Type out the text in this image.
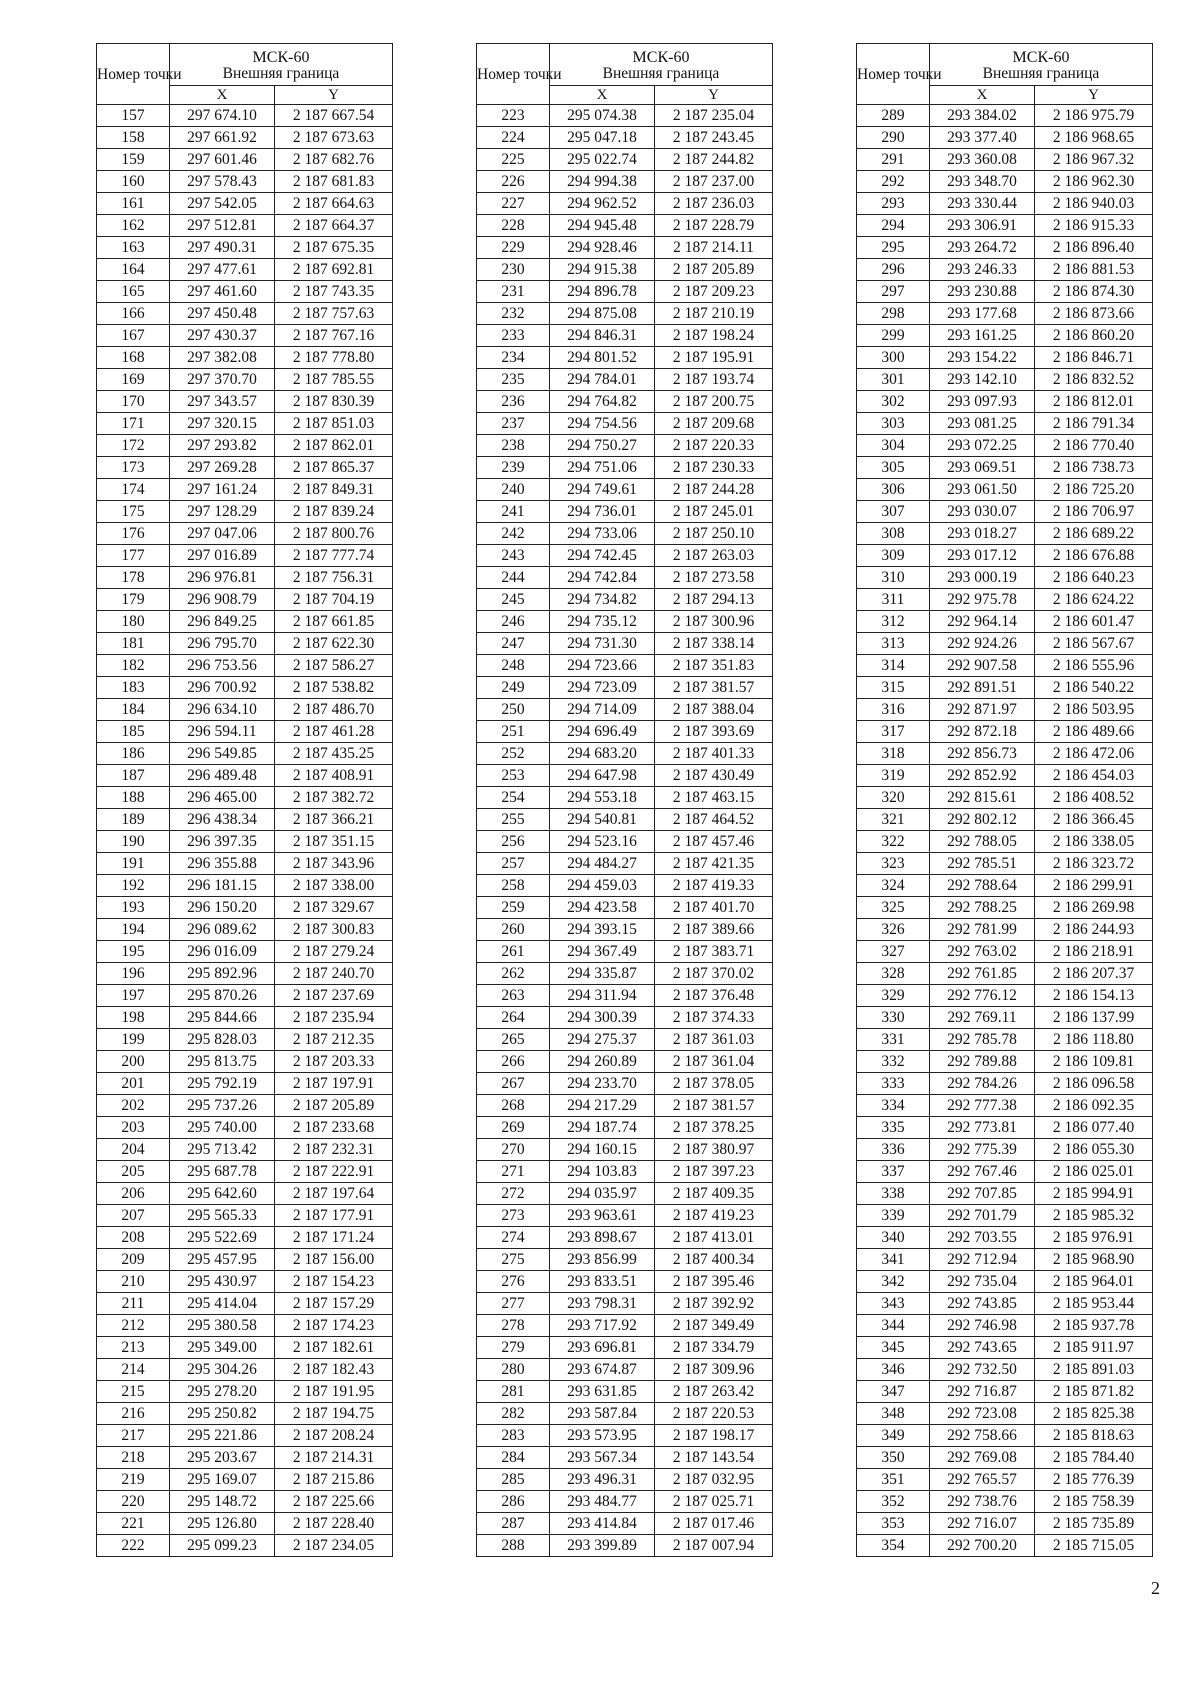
Номер точки	МСК-60	
	Внешняя граница	
	X	Y
157	297 674.10	2 187 667.54
158	297 661.92	2 187 673.63
159	297 601.46	2 187 682.76
160	297 578.43	2 187 681.83
161	297 542.05	2 187 664.63
162	297 512.81	2 187 664.37
163	297 490.31	2 187 675.35
164	297 477.61	2 187 692.81
165	297 461.60	2 187 743.35
166	297 450.48	2 187 757.63
167	297 430.37	2 187 767.16
168	297 382.08	2 187 778.80
169	297 370.70	2 187 785.55
170	297 343.57	2 187 830.39
171	297 320.15	2 187 851.03
172	297 293.82	2 187 862.01
173	297 269.28	2 187 865.37
174	297 161.24	2 187 849.31
175	297 128.29	2 187 839.24
176	297 047.06	2 187 800.76
177	297 016.89	2 187 777.74
178	296 976.81	2 187 756.31
179	296 908.79	2 187 704.19
180	296 849.25	2 187 661.85
181	296 795.70	2 187 622.30
182	296 753.56	2 187 586.27
183	296 700.92	2 187 538.82
184	296 634.10	2 187 486.70
185	296 594.11	2 187 461.28
186	296 549.85	2 187 435.25
187	296 489.48	2 187 408.91
188	296 465.00	2 187 382.72
189	296 438.34	2 187 366.21
190	296 397.35	2 187 351.15
191	296 355.88	2 187 343.96
192	296 181.15	2 187 338.00
193	296 150.20	2 187 329.67
194	296 089.62	2 187 300.83
195	296 016.09	2 187 279.24
196	295 892.96	2 187 240.70
197	295 870.26	2 187 237.69
198	295 844.66	2 187 235.94
199	295 828.03	2 187 212.35
200	295 813.75	2 187 203.33
201	295 792.19	2 187 197.91
202	295 737.26	2 187 205.89
203	295 740.00	2 187 233.68
204	295 713.42	2 187 232.31
205	295 687.78	2 187 222.91
206	295 642.60	2 187 197.64
207	295 565.33	2 187 177.91
208	295 522.69	2 187 171.24
209	295 457.95	2 187 156.00
210	295 430.97	2 187 154.23
211	295 414.04	2 187 157.29
212	295 380.58	2 187 174.23
213	295 349.00	2 187 182.61
214	295 304.26	2 187 182.43
215	295 278.20	2 187 191.95
216	295 250.82	2 187 194.75
217	295 221.86	2 187 208.24
218	295 203.67	2 187 214.31
219	295 169.07	2 187 215.86
220	295 148.72	2 187 225.66
221	295 126.80	2 187 228.40
222	295 099.23	2 187 234.05
Номер точки	МСК-60	
	Внешняя граница	
	X	Y
223	295 074.38	2 187 235.04
224	295 047.18	2 187 243.45
225	295 022.74	2 187 244.82
226	294 994.38	2 187 237.00
227	294 962.52	2 187 236.03
228	294 945.48	2 187 228.79
229	294 928.46	2 187 214.11
230	294 915.38	2 187 205.89
231	294 896.78	2 187 209.23
232	294 875.08	2 187 210.19
233	294 846.31	2 187 198.24
234	294 801.52	2 187 195.91
235	294 784.01	2 187 193.74
236	294 764.82	2 187 200.75
237	294 754.56	2 187 209.68
238	294 750.27	2 187 220.33
239	294 751.06	2 187 230.33
240	294 749.61	2 187 244.28
241	294 736.01	2 187 245.01
242	294 733.06	2 187 250.10
243	294 742.45	2 187 263.03
244	294 742.84	2 187 273.58
245	294 734.82	2 187 294.13
246	294 735.12	2 187 300.96
247	294 731.30	2 187 338.14
248	294 723.66	2 187 351.83
249	294 723.09	2 187 381.57
250	294 714.09	2 187 388.04
251	294 696.49	2 187 393.69
252	294 683.20	2 187 401.33
253	294 647.98	2 187 430.49
254	294 553.18	2 187 463.15
255	294 540.81	2 187 464.52
256	294 523.16	2 187 457.46
257	294 484.27	2 187 421.35
258	294 459.03	2 187 419.33
259	294 423.58	2 187 401.70
260	294 393.15	2 187 389.66
261	294 367.49	2 187 383.71
262	294 335.87	2 187 370.02
263	294 311.94	2 187 376.48
264	294 300.39	2 187 374.33
265	294 275.37	2 187 361.03
266	294 260.89	2 187 361.04
267	294 233.70	2 187 378.05
268	294 217.29	2 187 381.57
269	294 187.74	2 187 378.25
270	294 160.15	2 187 380.97
271	294 103.83	2 187 397.23
272	294 035.97	2 187 409.35
273	293 963.61	2 187 419.23
274	293 898.67	2 187 413.01
275	293 856.99	2 187 400.34
276	293 833.51	2 187 395.46
277	293 798.31	2 187 392.92
278	293 717.92	2 187 349.49
279	293 696.81	2 187 334.79
280	293 674.87	2 187 309.96
281	293 631.85	2 187 263.42
282	293 587.84	2 187 220.53
283	293 573.95	2 187 198.17
284	293 567.34	2 187 143.54
285	293 496.31	2 187 032.95
286	293 484.77	2 187 025.71
287	293 414.84	2 187 017.46
288	293 399.89	2 187 007.94
Номер точки	МСК-60	
	Внешняя граница	
	X	Y
289	293 384.02	2 186 975.79
290	293 377.40	2 186 968.65
291	293 360.08	2 186 967.32
292	293 348.70	2 186 962.30
293	293 330.44	2 186 940.03
294	293 306.91	2 186 915.33
295	293 264.72	2 186 896.40
296	293 246.33	2 186 881.53
297	293 230.88	2 186 874.30
298	293 177.68	2 186 873.66
299	293 161.25	2 186 860.20
300	293 154.22	2 186 846.71
301	293 142.10	2 186 832.52
302	293 097.93	2 186 812.01
303	293 081.25	2 186 791.34
304	293 072.25	2 186 770.40
305	293 069.51	2 186 738.73
306	293 061.50	2 186 725.20
307	293 030.07	2 186 706.97
308	293 018.27	2 186 689.22
309	293 017.12	2 186 676.88
310	293 000.19	2 186 640.23
311	292 975.78	2 186 624.22
312	292 964.14	2 186 601.47
313	292 924.26	2 186 567.67
314	292 907.58	2 186 555.96
315	292 891.51	2 186 540.22
316	292 871.97	2 186 503.95
317	292 872.18	2 186 489.66
318	292 856.73	2 186 472.06
319	292 852.92	2 186 454.03
320	292 815.61	2 186 408.52
321	292 802.12	2 186 366.45
322	292 788.05	2 186 338.05
323	292 785.51	2 186 323.72
324	292 788.64	2 186 299.91
325	292 788.25	2 186 269.98
326	292 781.99	2 186 244.93
327	292 763.02	2 186 218.91
328	292 761.85	2 186 207.37
329	292 776.12	2 186 154.13
330	292 769.11	2 186 137.99
331	292 785.78	2 186 118.80
332	292 789.88	2 186 109.81
333	292 784.26	2 186 096.58
334	292 777.38	2 186 092.35
335	292 773.81	2 186 077.40
336	292 775.39	2 186 055.30
337	292 767.46	2 186 025.01
338	292 707.85	2 185 994.91
339	292 701.79	2 185 985.32
340	292 703.55	2 185 976.91
341	292 712.94	2 185 968.90
342	292 735.04	2 185 964.01
343	292 743.85	2 185 953.44
344	292 746.98	2 185 937.78
345	292 743.65	2 185 911.97
346	292 732.50	2 185 891.03
347	292 716.87	2 185 871.82
348	292 723.08	2 185 825.38
349	292 758.66	2 185 818.63
350	292 769.08	2 185 784.40
351	292 765.57	2 185 776.39
352	292 738.76	2 185 758.39
353	292 716.07	2 185 735.89
354	292 700.20	2 185 715.05
2
